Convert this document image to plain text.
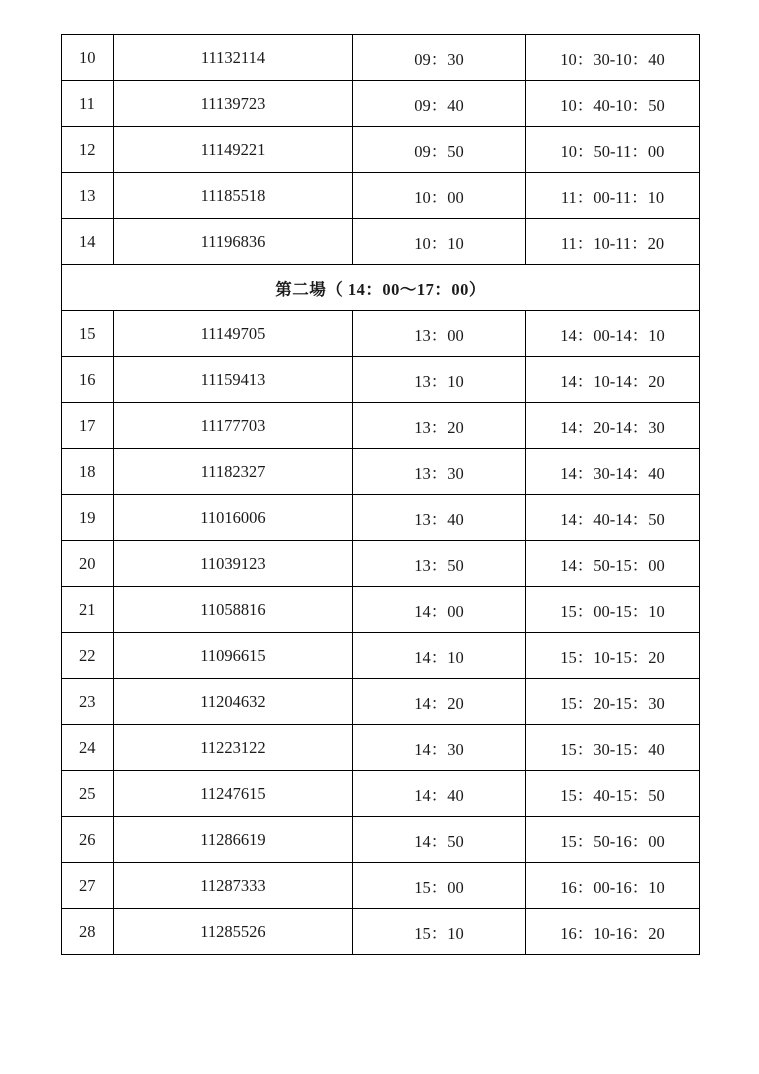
10	11132114	09：30	10：30-10：40
11	11139723	09：40	10：40-10：50
12	11149221	09：50	10：50-11：00
13	11185518	10：00	11：00-11：10
14	11196836	10：10	11：10-11：20
第二場（ 14：00～17：00）			
15	11149705	13：00	14：00-14：10
16	11159413	13：10	14：10-14：20
17	11177703	13：20	14：20-14：30
18	11182327	13：30	14：30-14：40
19	11016006	13：40	14：40-14：50
20	11039123	13：50	14：50-15：00
21	11058816	14：00	15：00-15：10
22	11096615	14：10	15：10-15：20
23	11204632	14：20	15：20-15：30
24	11223122	14：30	15：30-15：40
25	11247615	14：40	15：40-15：50
26	11286619	14：50	15：50-16：00
27	11287333	15：00	16：00-16：10
28	11285526	15：10	16：10-16：20
